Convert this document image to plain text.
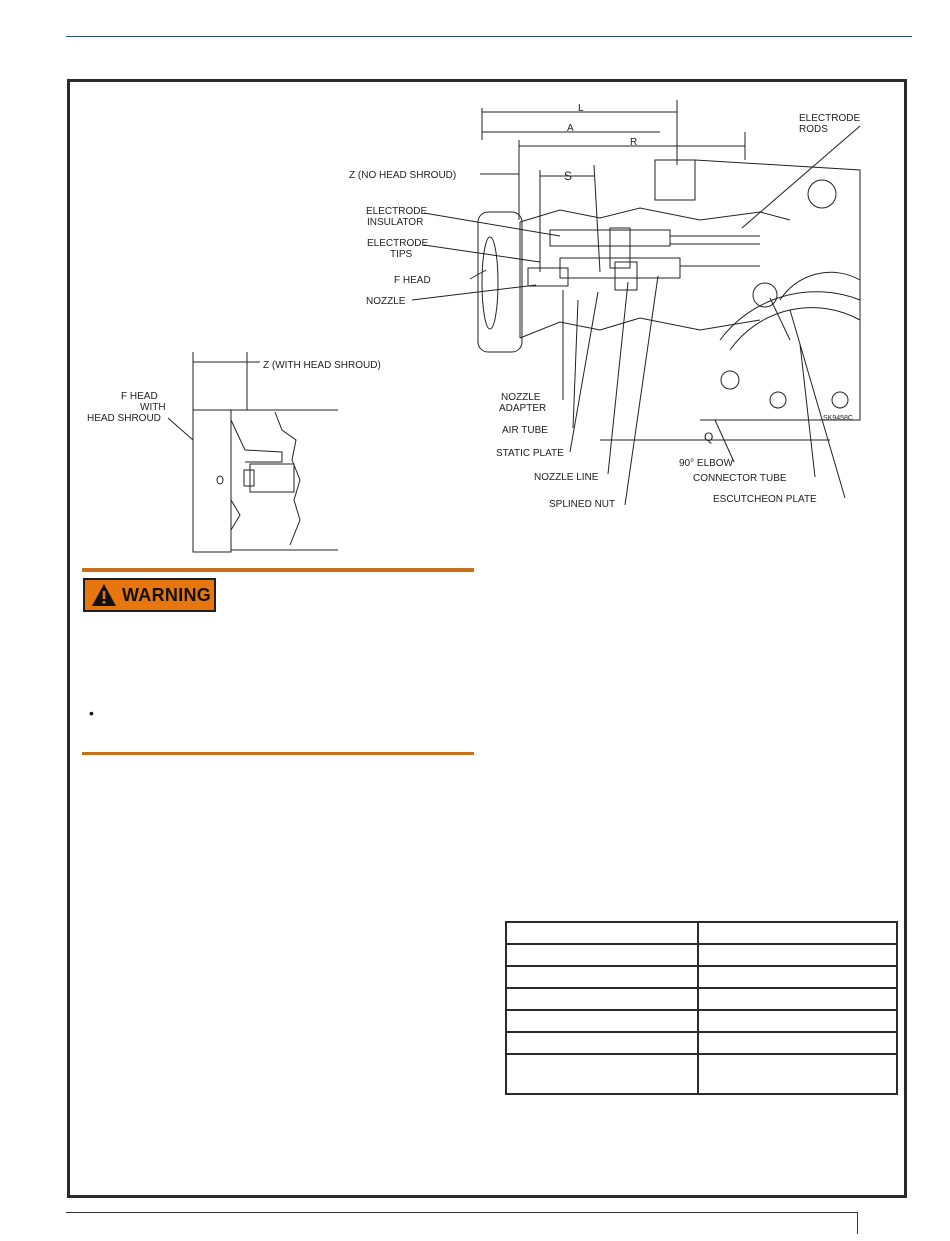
L
A
R
S
Q
Z (NO HEAD SHROUD)
ELECTRODE
INSULATOR
ELECTRODE
TIPS
F HEAD
NOZZLE
ELECTRODE
RODS
NOZZLE
ADAPTER
AIR TUBE
STATIC PLATE
NOZZLE LINE
SPLINED NUT
90° ELBOW
CONNECTOR TUBE
ESCUTCHEON PLATE
SK9458C
Z (WITH HEAD SHROUD)
F HEAD
WITH
HEAD SHROUD
WARNING
•
